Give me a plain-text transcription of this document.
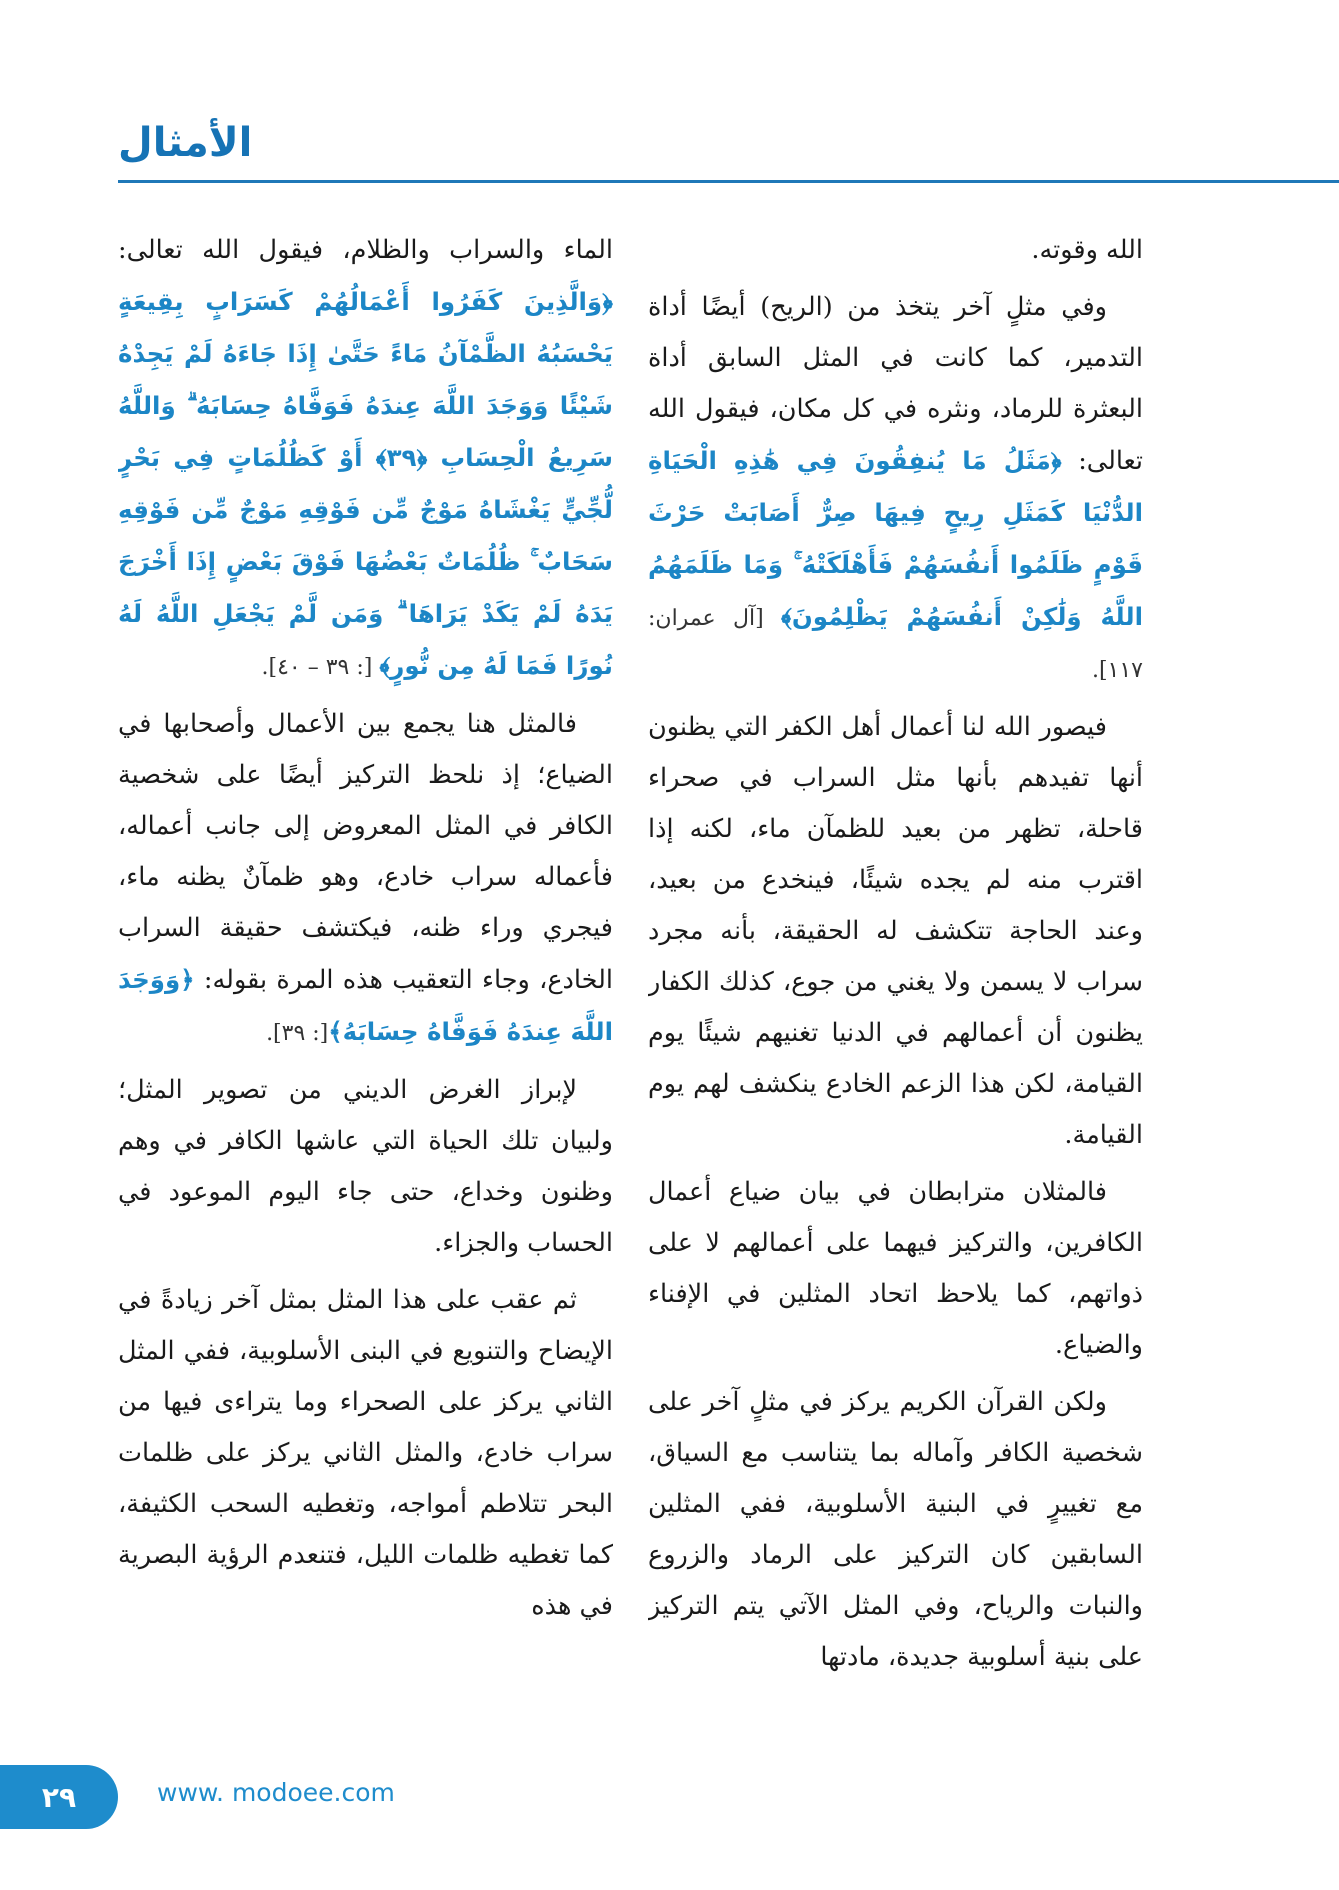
الأمثال

الله وقوته.

وفي مثلٍ آخر يتخذ من (الريح) أيضًا أداة التدمير، كما كانت في المثل السابق أداة البعثرة للرماد، ونثره في كل مكان، فيقول الله تعالى: ﴿مَثَلُ مَا يُنفِقُونَ فِي هَٰذِهِ الْحَيَاةِ الدُّنْيَا كَمَثَلِ رِيحٍ فِيهَا صِرٌّ أَصَابَتْ حَرْثَ قَوْمٍ ظَلَمُوا أَنفُسَهُمْ فَأَهْلَكَتْهُ ۚ وَمَا ظَلَمَهُمُ اللَّهُ وَلَٰكِنْ أَنفُسَهُمْ يَظْلِمُونَ﴾ [آل عمران: ١١٧].

فيصور الله لنا أعمال أهل الكفر التي يظنون أنها تفيدهم بأنها مثل السراب في صحراء قاحلة، تظهر من بعيد للظمآن ماء، لكنه إذا اقترب منه لم يجده شيئًا، فينخدع من بعيد، وعند الحاجة تتكشف له الحقيقة، بأنه مجرد سراب لا يسمن ولا يغني من جوع، كذلك الكفار يظنون أن أعمالهم في الدنيا تغنيهم شيئًا يوم القيامة، لكن هذا الزعم الخادع ينكشف لهم يوم القيامة.

فالمثلان مترابطان في بيان ضياع أعمال الكافرين، والتركيز فيهما على أعمالهم لا على ذواتهم، كما يلاحظ اتحاد المثلين في الإفناء والضياع.

ولكن القرآن الكريم يركز في مثلٍ آخر على شخصية الكافر وآماله بما يتناسب مع السياق، مع تغييرٍ في البنية الأسلوبية، ففي المثلين السابقين كان التركيز على الرماد والزروع والنبات والرياح، وفي المثل الآتي يتم التركيز على بنية أسلوبية جديدة، مادتها

الماء والسراب والظلام، فيقول الله تعالى: ﴿وَالَّذِينَ كَفَرُوا أَعْمَالُهُمْ كَسَرَابٍ بِقِيعَةٍ يَحْسَبُهُ الظَّمْآنُ مَاءً حَتَّىٰ إِذَا جَاءَهُ لَمْ يَجِدْهُ شَيْئًا وَوَجَدَ اللَّهَ عِندَهُ فَوَفَّاهُ حِسَابَهُ ۗ وَاللَّهُ سَرِيعُ الْحِسَابِ ﴿٣٩﴾ أَوْ كَظُلُمَاتٍ فِي بَحْرٍ لُّجِّيٍّ يَغْشَاهُ مَوْجٌ مِّن فَوْقِهِ مَوْجٌ مِّن فَوْقِهِ سَحَابٌ ۚ ظُلُمَاتٌ بَعْضُهَا فَوْقَ بَعْضٍ إِذَا أَخْرَجَ يَدَهُ لَمْ يَكَدْ يَرَاهَا ۗ وَمَن لَّمْ يَجْعَلِ اللَّهُ لَهُ نُورًا فَمَا لَهُ مِن نُّورٍ﴾ [: ٣٩ – ٤٠].

فالمثل هنا يجمع بين الأعمال وأصحابها في الضياع؛ إذ نلحظ التركيز أيضًا على شخصية الكافر في المثل المعروض إلى جانب أعماله، فأعماله سراب خادع، وهو ظمآنٌ يظنه ماء، فيجري وراء ظنه، فيكتشف حقيقة السراب الخادع، وجاء التعقيب هذه المرة بقوله: ﴿وَوَجَدَ اللَّهَ عِندَهُ فَوَفَّاهُ حِسَابَهُ﴾[: ٣٩].

لإبراز الغرض الديني من تصوير المثل؛ ولبيان تلك الحياة التي عاشها الكافر في وهم وظنون وخداع، حتى جاء اليوم الموعود في الحساب والجزاء.

ثم عقب على هذا المثل بمثل آخر زيادةً في الإيضاح والتنويع في البنى الأسلوبية، ففي المثل الثاني يركز على الصحراء وما يتراءى فيها من سراب خادع، والمثل الثاني يركز على ظلمات البحر تتلاطم أمواجه، وتغطيه السحب الكثيفة، كما تغطيه ظلمات الليل، فتنعدم الرؤية البصرية في هذه

٢٩	www. modoee.com
